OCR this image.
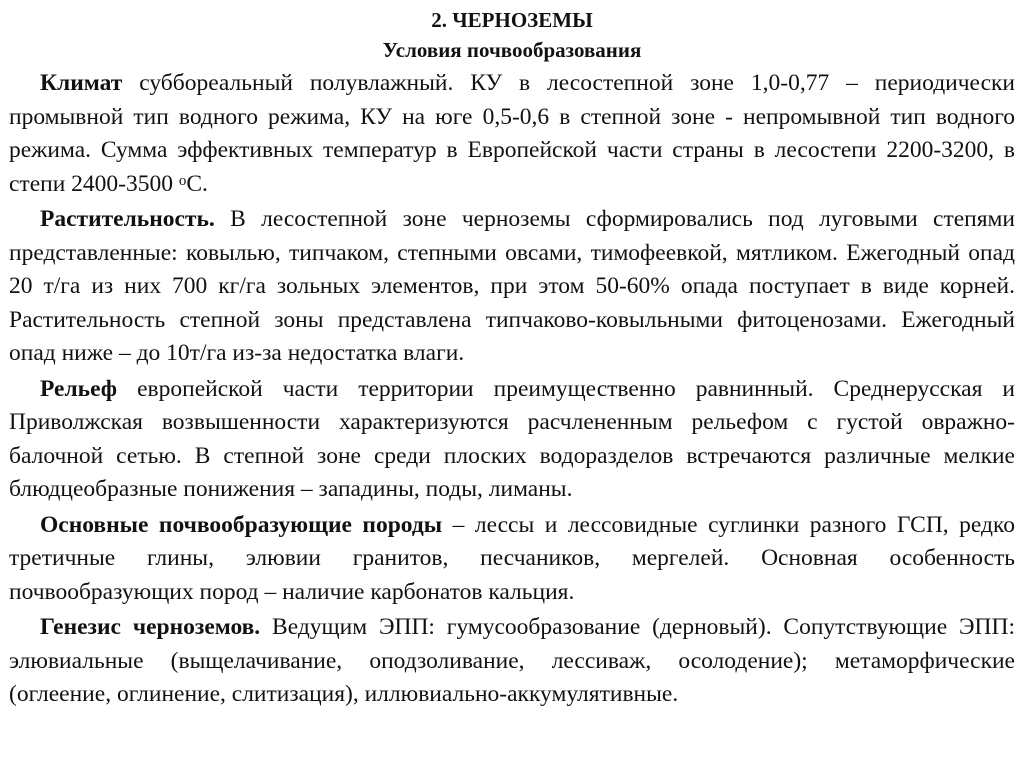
2. ЧЕРНОЗЕМЫ
Условия почвообразования

Климат суббореальный полувлажный. КУ в лесостепной зоне 1,0-0,77 – периодически промывной тип водного режима, КУ на юге 0,5-0,6 в степной зоне - непромывной тип водного режима. Сумма эффективных температур в Европейской части страны в лесостепи 2200-3200, в степи 2400-3500 $^о$С.

Растительность. В лесостепной зоне черноземы сформировались под луговыми степями представленные: ковылью, типчаком, степными овсами, тимофеевкой, мятликом. Ежегодный опад 20 т/га из них 700 кг/га зольных элементов, при этом 50-60% опада поступает в виде корней. Растительность степной зоны представлена типчаково-ковыльными фитоценозами. Ежегодный опад ниже – до 10т/га из-за недостатка влаги.

Рельеф европейской части территории преимущественно равнинный. Среднерусская и Приволжская возвышенности характеризуются расчлененным рельефом с густой овражно-балочной сетью. В степной зоне среди плоских водоразделов встречаются различные мелкие блюдцеобразные понижения – западины, поды, лиманы.

Основные почвообразующие породы – лессы и лессовидные суглинки разного ГСП, редко третичные глины, элювии гранитов, песчаников, мергелей. Основная особенность почвообразующих пород – наличие карбонатов кальция.

Генезис черноземов. Ведущим ЭПП: гумусообразование (дерновый). Сопутствующие ЭПП: элювиальные (выщелачивание, оподзоливание, лессиваж, осолодение); метаморфические (оглеение, оглинение, слитизация), иллювиально-аккумулятивные.
